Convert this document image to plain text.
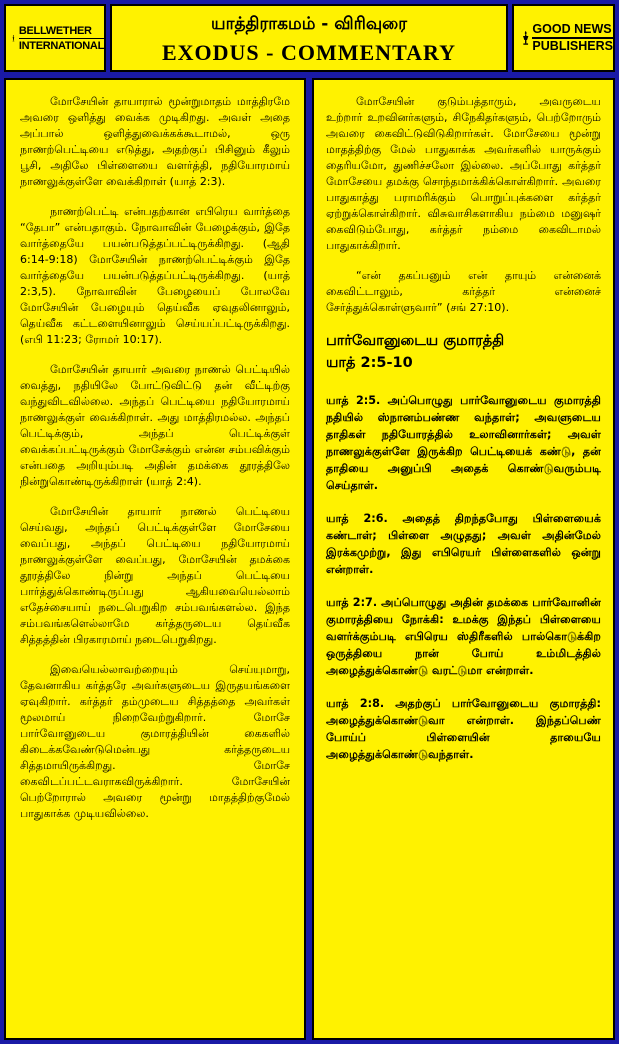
BELLWETHER
INTERNATIONAL
யாத்திராகமம் - விரிவுரை
EXODUS - COMMENTARY
GOOD NEWS
PUBLISHERS

மோசேயின் தாயாரால் மூன்றுமாதம் மாத்திரமே அவரை ஒளித்து வைக்க முடிகிறது. அவள் அதை அப்பால் ஒளித்துவைக்கக்கூடாமல், ஒரு நாணற்பெட்டியை எடுத்து, அதற்குப் பிசினும் கீலும் பூசி, அதிலே பிள்ளையை வளர்த்தி, நதியோரமாய் நாணலுக்குள்ளே வைக்கிறாள் (யாத் 2:3).

நாணற்பெட்டி என்பதற்கான எபிரெய வார்த்தை “தேபா” என்பதாகும். நோவாவின் பேழைக்கும், இதே வார்த்தையே பயன்படுத்தப்பட்டிருக்கிறது. (ஆதி 6:14-9:18) மோசேயின் நாணற்பெட்டிக்கும் இதே வார்த்தையே பயன்படுத்தப்பட்டிருக்கிறது. (யாத் 2:3,5). நோவாவின் பேழையைப் போலவே மோசேயின் பேழையும் தெய்வீக ஏவுதலினாலும், தெய்வீக கட்டளையினாலும் செய்யப்பட்டிருக்கிறது. (எபி 11:23; ரோமர் 10:17).

மோசேயின் தாயார் அவரை நாணல் பெட்டியில் வைத்து, நதியிலே போட்டுவிட்டு தன் வீட்டிற்கு வந்துவிடவில்லை. அந்தப் பெட்டியை நதியோரமாய் நாணலுக்குள் வைக்கிறாள். அது மாத்திரமல்ல. அந்தப் பெட்டிக்கும், அந்தப் பெட்டிக்குள் வைக்கப்பட்டிருக்கும் மோசேக்கும் என்ன சம்பவிக்கும் என்பதை அறியும்படி அதின் தமக்கை தூரத்திலே நின்றுகொண்டிருக்கிறாள் (யாத் 2:4).

மோசேயின் தாயார் நாணல் பெட்டியை செய்வது, அந்தப் பெட்டிக்குள்ளே மோசேயை வைப்பது, அந்தப் பெட்டியை நதியோரமாய் நாணலுக்குள்ளே வைப்பது, மோசேயின் தமக்கை தூரத்திலே நின்று அந்தப் பெட்டியை பார்த்துக்கொண்டிருப்பது ஆகியவையெல்லாம் எதேச்சையாய் நடைபெறுகிற சம்பவங்களல்ல. இந்த சம்பவங்களெல்லாமே கர்த்தருடைய தெய்வீக சித்தத்தின் பிரகாரமாய் நடைபெறுகிறது.

இவையெல்லாவற்றையும் செய்யுமாறு, தேவனாகிய கர்த்தரே அவர்களுடைய இருதயங்களை ஏவுகிறார். கர்த்தர் தம்முடைய சித்தத்தை அவர்கள் மூலமாய் நிறைவேற்றுகிறார். மோசே பார்வோனுடைய குமாரத்தியின் கைகளில் கிடைக்கவேண்டுமென்பது கர்த்தருடைய சித்தமாயிருக்கிறது. மோசே கைவிடப்பட்டவராகவிருக்கிறார். மோசேயின் பெற்றோரால் அவரை மூன்று மாதத்திற்குமேல் பாதுகாக்க முடியவில்லை.

மோசேயின் குடும்பத்தாரும், அவருடைய உற்றார் உறவினர்களும், சிநேகிதர்களும், பெற்றோரும் அவரை கைவிட்டுவிடுகிறார்கள். மோசேயை மூன்று மாதத்திற்கு மேல் பாதுகாக்க அவர்களில் யாருக்கும் தைரியமோ, துணிச்சலோ இல்லை. அப்போது கர்த்தர் மோசேயை தமக்கு சொந்தமாக்கிக்கொள்கிறார். அவரை பாதுகாத்து பராமரிக்கும் பொறுப்புக்களை கர்த்தர் ஏற்றுக்கொள்கிறார். விசுவாசிகளாகிய நம்மை மனுஷர் கைவிடும்போது, கர்த்தர் நம்மை கைவிடாமல் பாதுகாக்கிறார்.

“என் தகப்பனும் என் தாயும் என்னைக் கைவிட்டாலும், கர்த்தர் என்னைச் சேர்த்துக்கொள்ளுவார்” (சங் 27:10).

பார்வோனுடைய குமாரத்தி
யாத் 2:5-10
யாத் 2:5. அப்பொழுது பார்வோனுடைய குமாரத்தி நதியில் ஸ்நானம்பண்ண வந்தாள்; அவளுடைய தாதிகள் நதியோரத்தில் உலாவினார்கள்; அவள் நாணலுக்குள்ளே இருக்கிற பெட்டியைக் கண்டு, தன் தாதியை அனுப்பி அதைக் கொண்டுவரும்படி செய்தாள்.
யாத் 2:6. அதைத் திறந்தபோது பிள்ளையைக் கண்டாள்; பிள்ளை அழுதது; அவள் அதின்மேல் இரக்கமுற்று, இது எபிரெயர் பிள்ளைகளில் ஒன்று என்றாள்.
யாத் 2:7. அப்பொழுது அதின் தமக்கை பார்வோனின் குமாரத்தியை நோக்கி: உமக்கு இந்தப் பிள்ளையை வளர்க்கும்படி எபிரெய ஸ்திரீகளில் பால்கொடுக்கிற ஒருத்தியை நான் போய் உம்மிடத்தில் அழைத்துக்கொண்டு வரட்டுமா என்றாள்.
யாத் 2:8. அதற்குப் பார்வோனுடைய குமாரத்தி: அழைத்துக்கொண்டுவா என்றாள். இந்தப்பெண் போய்ப் பிள்ளையின் தாயையே அழைத்துக்கொண்டுவந்தாள்.
